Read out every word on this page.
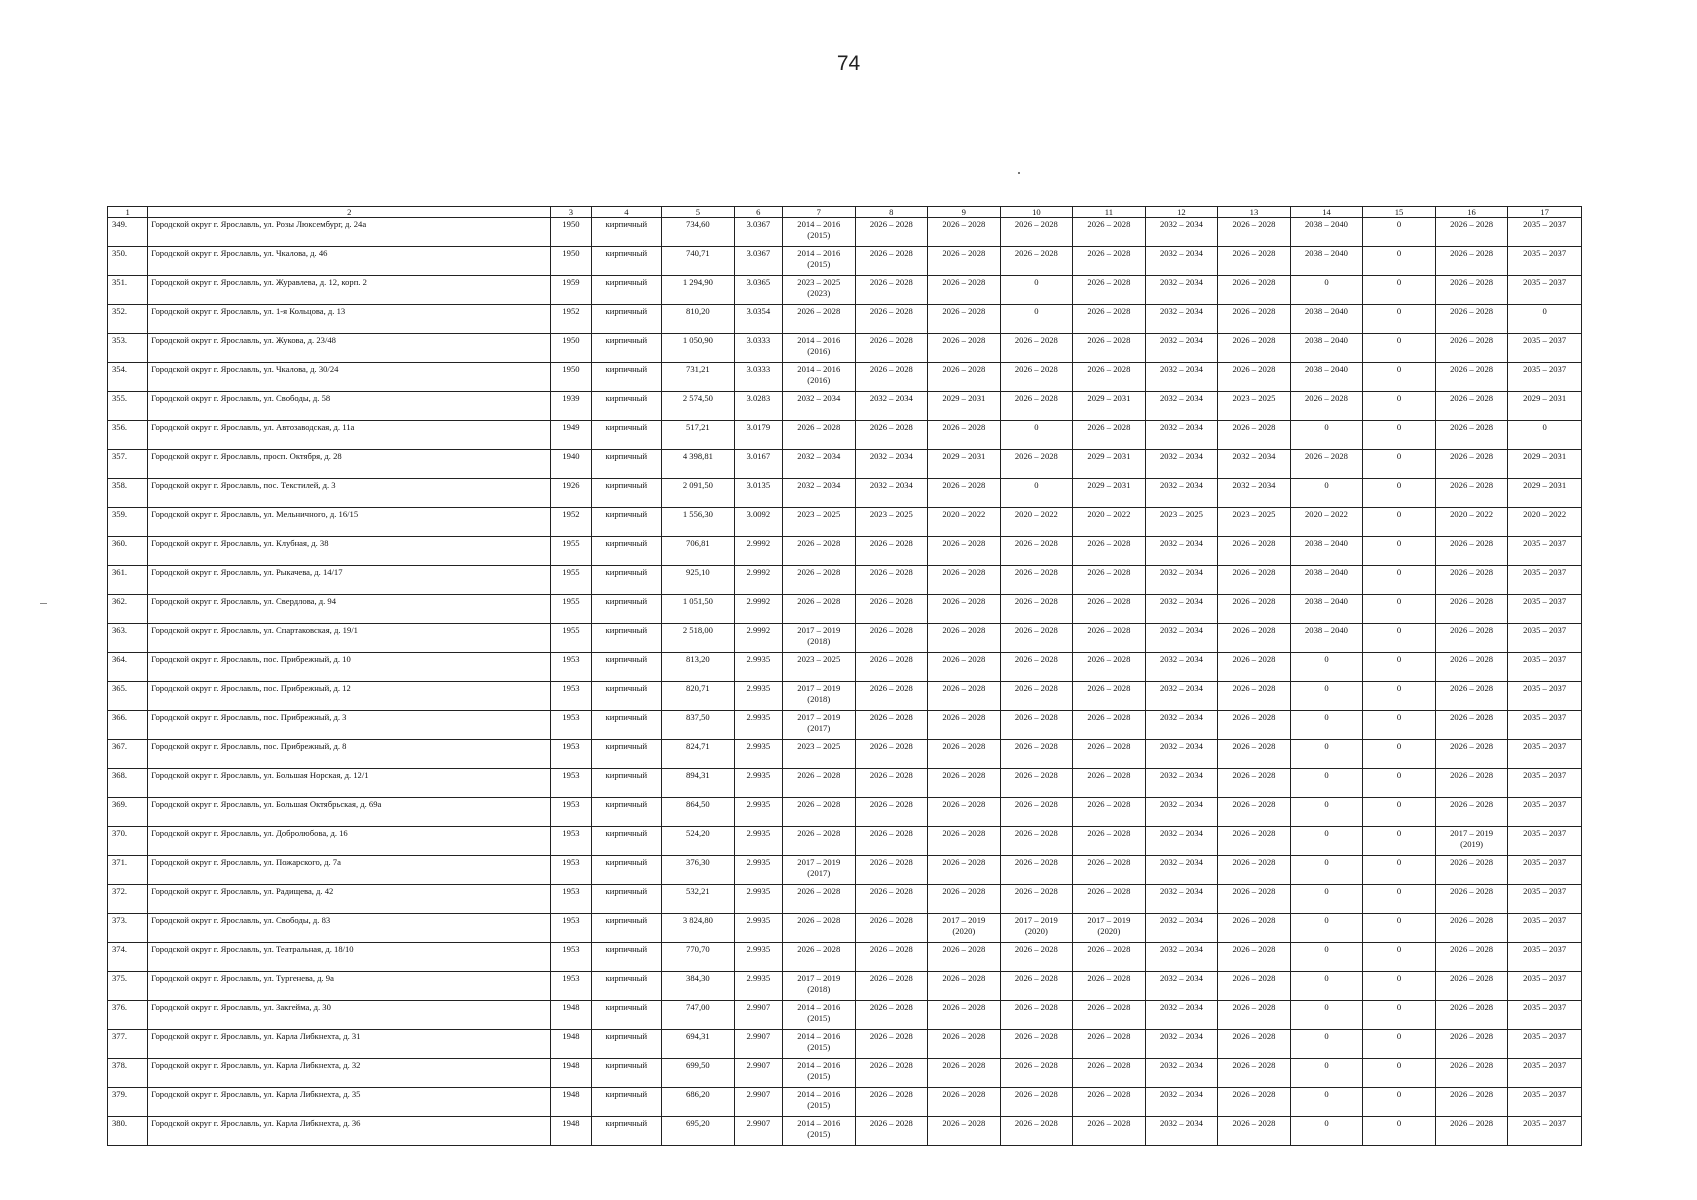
74
1	2	3	4	5	6	7	8	9	10	11	12	13	14	15	16	17
349.	Городской округ г. Ярославль, ул. Розы Люксембург, д. 24а	1950	кирпичный	734,60	3.0367	2014 – 2016 (2015)	2026 – 2028	2026 – 2028	2026 – 2028	2026 – 2028	2032 – 2034	2026 – 2028	2038 – 2040	0	2026 – 2028	2035 – 2037
350.	Городской округ г. Ярославль, ул. Чкалова, д. 46	1950	кирпичный	740,71	3.0367	2014 – 2016 (2015)	2026 – 2028	2026 – 2028	2026 – 2028	2026 – 2028	2032 – 2034	2026 – 2028	2038 – 2040	0	2026 – 2028	2035 – 2037
351.	Городской округ г. Ярославль, ул. Журавлева, д. 12, корп. 2	1959	кирпичный	1 294,90	3.0365	2023 – 2025 (2023)	2026 – 2028	2026 – 2028	0	2026 – 2028	2032 – 2034	2026 – 2028	0	0	2026 – 2028	2035 – 2037
352.	Городской округ г. Ярославль, ул. 1-я Кольцова, д. 13	1952	кирпичный	810,20	3.0354	2026 – 2028	2026 – 2028	2026 – 2028	0	2026 – 2028	2032 – 2034	2026 – 2028	2038 – 2040	0	2026 – 2028	0
353.	Городской округ г. Ярославль, ул. Жукова, д. 23/48	1950	кирпичный	1 050,90	3.0333	2014 – 2016 (2016)	2026 – 2028	2026 – 2028	2026 – 2028	2026 – 2028	2032 – 2034	2026 – 2028	2038 – 2040	0	2026 – 2028	2035 – 2037
354.	Городской округ г. Ярославль, ул. Чкалова, д. 30/24	1950	кирпичный	731,21	3.0333	2014 – 2016 (2016)	2026 – 2028	2026 – 2028	2026 – 2028	2026 – 2028	2032 – 2034	2026 – 2028	2038 – 2040	0	2026 – 2028	2035 – 2037
355.	Городской округ г. Ярославль, ул. Свободы, д. 58	1939	кирпичный	2 574,50	3.0283	2032 – 2034	2032 – 2034	2029 – 2031	2026 – 2028	2029 – 2031	2032 – 2034	2023 – 2025	2026 – 2028	0	2026 – 2028	2029 – 2031
356.	Городской округ г. Ярославль, ул. Автозаводская, д. 11а	1949	кирпичный	517,21	3.0179	2026 – 2028	2026 – 2028	2026 – 2028	0	2026 – 2028	2032 – 2034	2026 – 2028	0	0	2026 – 2028	0
357.	Городской округ г. Ярославль, просп. Октября, д. 28	1940	кирпичный	4 398,81	3.0167	2032 – 2034	2032 – 2034	2029 – 2031	2026 – 2028	2029 – 2031	2032 – 2034	2032 – 2034	2026 – 2028	0	2026 – 2028	2029 – 2031
358.	Городской округ г. Ярославль, пос. Текстилей, д. 3	1926	кирпичный	2 091,50	3.0135	2032 – 2034	2032 – 2034	2026 – 2028	0	2029 – 2031	2032 – 2034	2032 – 2034	0	0	2026 – 2028	2029 – 2031
359.	Городской округ г. Ярославль, ул. Мельничного, д. 16/15	1952	кирпичный	1 556,30	3.0092	2023 – 2025	2023 – 2025	2020 – 2022	2020 – 2022	2020 – 2022	2023 – 2025	2023 – 2025	2020 – 2022	0	2020 – 2022	2020 – 2022
360.	Городской округ г. Ярославль, ул. Клубная, д. 38	1955	кирпичный	706,81	2.9992	2026 – 2028	2026 – 2028	2026 – 2028	2026 – 2028	2026 – 2028	2032 – 2034	2026 – 2028	2038 – 2040	0	2026 – 2028	2035 – 2037
361.	Городской округ г. Ярославль, ул. Рыкачева, д. 14/17	1955	кирпичный	925,10	2.9992	2026 – 2028	2026 – 2028	2026 – 2028	2026 – 2028	2026 – 2028	2032 – 2034	2026 – 2028	2038 – 2040	0	2026 – 2028	2035 – 2037
362.	Городской округ г. Ярославль, ул. Свердлова, д. 94	1955	кирпичный	1 051,50	2.9992	2026 – 2028	2026 – 2028	2026 – 2028	2026 – 2028	2026 – 2028	2032 – 2034	2026 – 2028	2038 – 2040	0	2026 – 2028	2035 – 2037
363.	Городской округ г. Ярославль, ул. Спартаковская, д. 19/1	1955	кирпичный	2 518,00	2.9992	2017 – 2019 (2018)	2026 – 2028	2026 – 2028	2026 – 2028	2026 – 2028	2032 – 2034	2026 – 2028	2038 – 2040	0	2026 – 2028	2035 – 2037
364.	Городской округ г. Ярославль, пос. Прибрежный, д. 10	1953	кирпичный	813,20	2.9935	2023 – 2025	2026 – 2028	2026 – 2028	2026 – 2028	2026 – 2028	2032 – 2034	2026 – 2028	0	0	2026 – 2028	2035 – 2037
365.	Городской округ г. Ярославль, пос. Прибрежный, д. 12	1953	кирпичный	820,71	2.9935	2017 – 2019 (2018)	2026 – 2028	2026 – 2028	2026 – 2028	2026 – 2028	2032 – 2034	2026 – 2028	0	0	2026 – 2028	2035 – 2037
366.	Городской округ г. Ярославль, пос. Прибрежный, д. 3	1953	кирпичный	837,50	2.9935	2017 – 2019 (2017)	2026 – 2028	2026 – 2028	2026 – 2028	2026 – 2028	2032 – 2034	2026 – 2028	0	0	2026 – 2028	2035 – 2037
367.	Городской округ г. Ярославль, пос. Прибрежный, д. 8	1953	кирпичный	824,71	2.9935	2023 – 2025	2026 – 2028	2026 – 2028	2026 – 2028	2026 – 2028	2032 – 2034	2026 – 2028	0	0	2026 – 2028	2035 – 2037
368.	Городской округ г. Ярославль, ул. Большая Норская, д. 12/1	1953	кирпичный	894,31	2.9935	2026 – 2028	2026 – 2028	2026 – 2028	2026 – 2028	2026 – 2028	2032 – 2034	2026 – 2028	0	0	2026 – 2028	2035 – 2037
369.	Городской округ г. Ярославль, ул. Большая Октябрьская, д. 69а	1953	кирпичный	864,50	2.9935	2026 – 2028	2026 – 2028	2026 – 2028	2026 – 2028	2026 – 2028	2032 – 2034	2026 – 2028	0	0	2026 – 2028	2035 – 2037
370.	Городской округ г. Ярославль, ул. Добролюбова, д. 16	1953	кирпичный	524,20	2.9935	2026 – 2028	2026 – 2028	2026 – 2028	2026 – 2028	2026 – 2028	2032 – 2034	2026 – 2028	0	0	2017 – 2019 (2019)	2035 – 2037
371.	Городской округ г. Ярославль, ул. Пожарского, д. 7а	1953	кирпичный	376,30	2.9935	2017 – 2019 (2017)	2026 – 2028	2026 – 2028	2026 – 2028	2026 – 2028	2032 – 2034	2026 – 2028	0	0	2026 – 2028	2035 – 2037
372.	Городской округ г. Ярославль, ул. Радищева, д. 42	1953	кирпичный	532,21	2.9935	2026 – 2028	2026 – 2028	2026 – 2028	2026 – 2028	2026 – 2028	2032 – 2034	2026 – 2028	0	0	2026 – 2028	2035 – 2037
373.	Городской округ г. Ярославль, ул. Свободы, д. 83	1953	кирпичный	3 824,80	2.9935	2026 – 2028	2026 – 2028	2017 – 2019 (2020)	2017 – 2019 (2020)	2017 – 2019 (2020)	2032 – 2034	2026 – 2028	0	0	2026 – 2028	2035 – 2037
374.	Городской округ г. Ярославль, ул. Театральная, д. 18/10	1953	кирпичный	770,70	2.9935	2026 – 2028	2026 – 2028	2026 – 2028	2026 – 2028	2026 – 2028	2032 – 2034	2026 – 2028	0	0	2026 – 2028	2035 – 2037
375.	Городской округ г. Ярославль, ул. Тургенева, д. 9а	1953	кирпичный	384,30	2.9935	2017 – 2019 (2018)	2026 – 2028	2026 – 2028	2026 – 2028	2026 – 2028	2032 – 2034	2026 – 2028	0	0	2026 – 2028	2035 – 2037
376.	Городской округ г. Ярославль, ул. Закгейма, д. 30	1948	кирпичный	747,00	2.9907	2014 – 2016 (2015)	2026 – 2028	2026 – 2028	2026 – 2028	2026 – 2028	2032 – 2034	2026 – 2028	0	0	2026 – 2028	2035 – 2037
377.	Городской округ г. Ярославль, ул. Карла Либкнехта, д. 31	1948	кирпичный	694,31	2.9907	2014 – 2016 (2015)	2026 – 2028	2026 – 2028	2026 – 2028	2026 – 2028	2032 – 2034	2026 – 2028	0	0	2026 – 2028	2035 – 2037
378.	Городской округ г. Ярославль, ул. Карла Либкнехта, д. 32	1948	кирпичный	699,50	2.9907	2014 – 2016 (2015)	2026 – 2028	2026 – 2028	2026 – 2028	2026 – 2028	2032 – 2034	2026 – 2028	0	0	2026 – 2028	2035 – 2037
379.	Городской округ г. Ярославль, ул. Карла Либкнехта, д. 35	1948	кирпичный	686,20	2.9907	2014 – 2016 (2015)	2026 – 2028	2026 – 2028	2026 – 2028	2026 – 2028	2032 – 2034	2026 – 2028	0	0	2026 – 2028	2035 – 2037
380.	Городской округ г. Ярославль, ул. Карла Либкнехта, д. 36	1948	кирпичный	695,20	2.9907	2014 – 2016 (2015)	2026 – 2028	2026 – 2028	2026 – 2028	2026 – 2028	2032 – 2034	2026 – 2028	0	0	2026 – 2028	2035 – 2037
